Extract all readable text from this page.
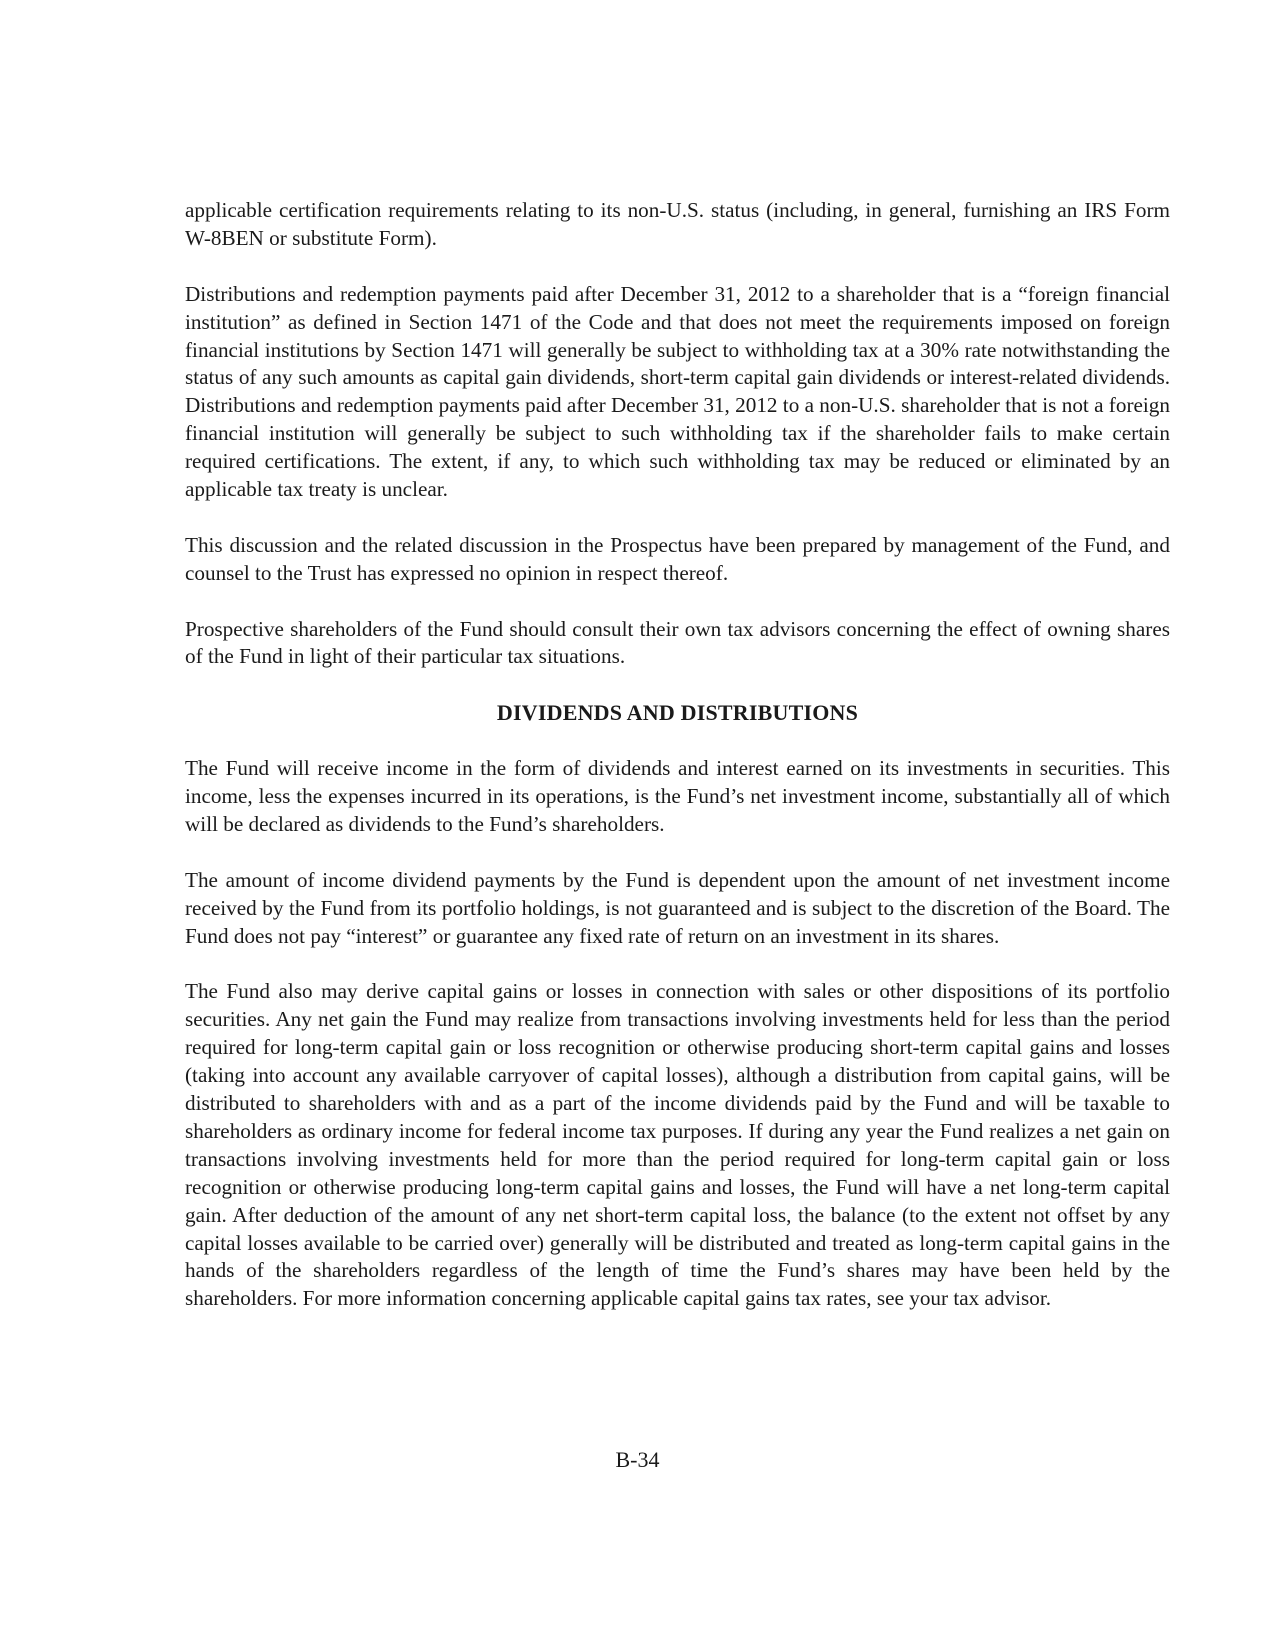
applicable certification requirements relating to its non-U.S. status (including, in general, furnishing an IRS Form W-8BEN or substitute Form).

Distributions and redemption payments paid after December 31, 2012 to a shareholder that is a “foreign financial institution” as defined in Section 1471 of the Code and that does not meet the requirements imposed on foreign financial institutions by Section 1471 will generally be subject to withholding tax at a 30% rate notwithstanding the status of any such amounts as capital gain dividends, short-term capital gain dividends or interest-related dividends. Distributions and redemption payments paid after December 31, 2012 to a non-U.S. shareholder that is not a foreign financial institution will generally be subject to such withholding tax if the shareholder fails to make certain required certifications. The extent, if any, to which such withholding tax may be reduced or eliminated by an applicable tax treaty is unclear.

This discussion and the related discussion in the Prospectus have been prepared by management of the Fund, and counsel to the Trust has expressed no opinion in respect thereof.

Prospective shareholders of the Fund should consult their own tax advisors concerning the effect of owning shares of the Fund in light of their particular tax situations.

DIVIDENDS AND DISTRIBUTIONS

The Fund will receive income in the form of dividends and interest earned on its investments in securities. This income, less the expenses incurred in its operations, is the Fund’s net investment income, substantially all of which will be declared as dividends to the Fund’s shareholders.

The amount of income dividend payments by the Fund is dependent upon the amount of net investment income received by the Fund from its portfolio holdings, is not guaranteed and is subject to the discretion of the Board. The Fund does not pay “interest” or guarantee any fixed rate of return on an investment in its shares.

The Fund also may derive capital gains or losses in connection with sales or other dispositions of its portfolio securities. Any net gain the Fund may realize from transactions involving investments held for less than the period required for long-term capital gain or loss recognition or otherwise producing short-term capital gains and losses (taking into account any available carryover of capital losses), although a distribution from capital gains, will be distributed to shareholders with and as a part of the income dividends paid by the Fund and will be taxable to shareholders as ordinary income for federal income tax purposes. If during any year the Fund realizes a net gain on transactions involving investments held for more than the period required for long-term capital gain or loss recognition or otherwise producing long-term capital gains and losses, the Fund will have a net long-term capital gain. After deduction of the amount of any net short-term capital loss, the balance (to the extent not offset by any capital losses available to be carried over) generally will be distributed and treated as long-term capital gains in the hands of the shareholders regardless of the length of time the Fund’s shares may have been held by the shareholders. For more information concerning applicable capital gains tax rates, see your tax advisor.

B-34
